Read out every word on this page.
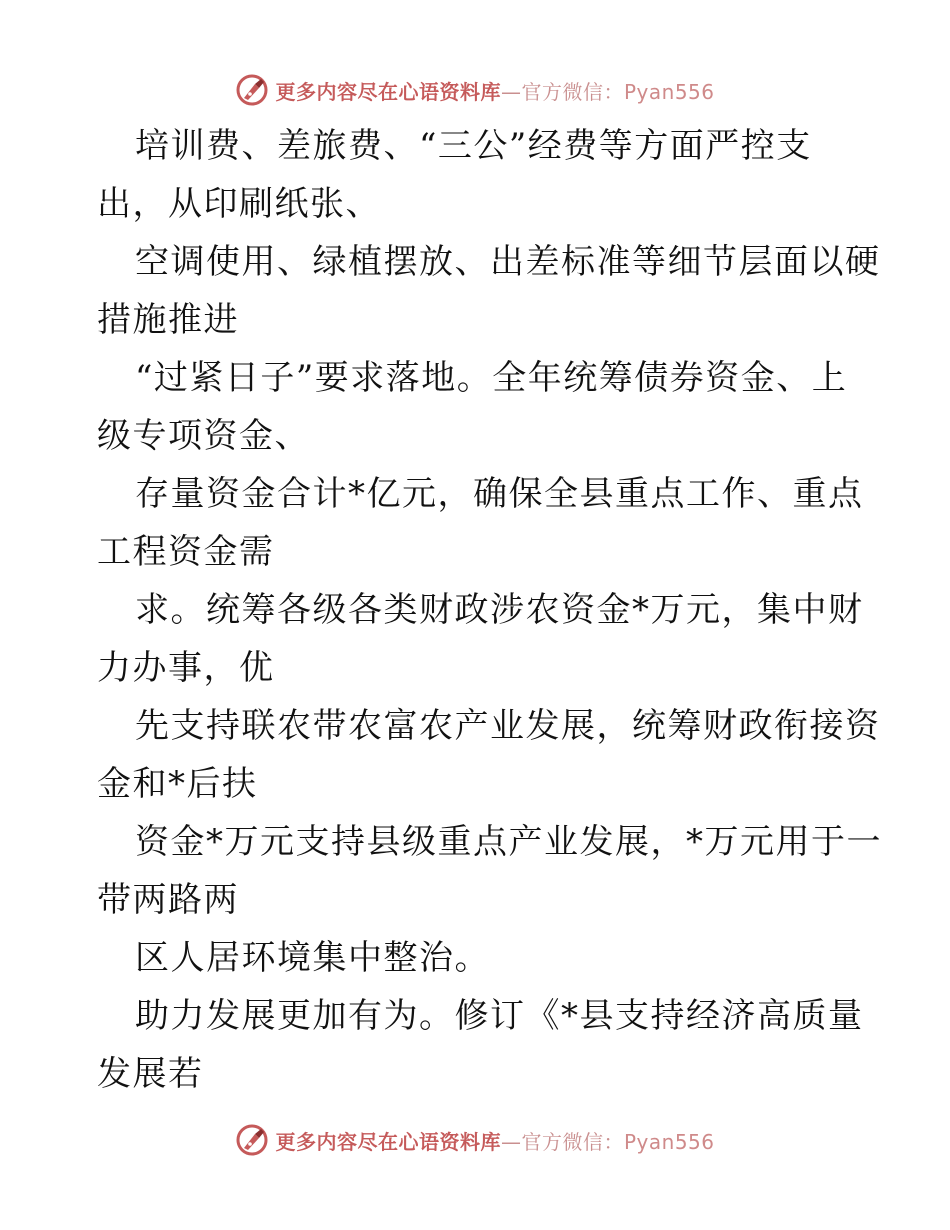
更多内容尽在心语资料库—官方微信：Pyan556
培训费、差旅费、“三公”经费等方面严控支
出，从印刷纸张、
空调使用、绿植摆放、出差标准等细节层面以硬
措施推进
“过紧日子”要求落地。全年统筹债券资金、上
级专项资金、
存量资金合计*亿元，确保全县重点工作、重点
工程资金需
求。统筹各级各类财政涉农资金*万元，集中财
力办事，优
先支持联农带农富农产业发展，统筹财政衔接资
金和*后扶
资金*万元支持县级重点产业发展，*万元用于一
带两路两
区人居环境集中整治。
助力发展更加有为。修订《*县支持经济高质量
发展若
更多内容尽在心语资料库—官方微信：Pyan556
